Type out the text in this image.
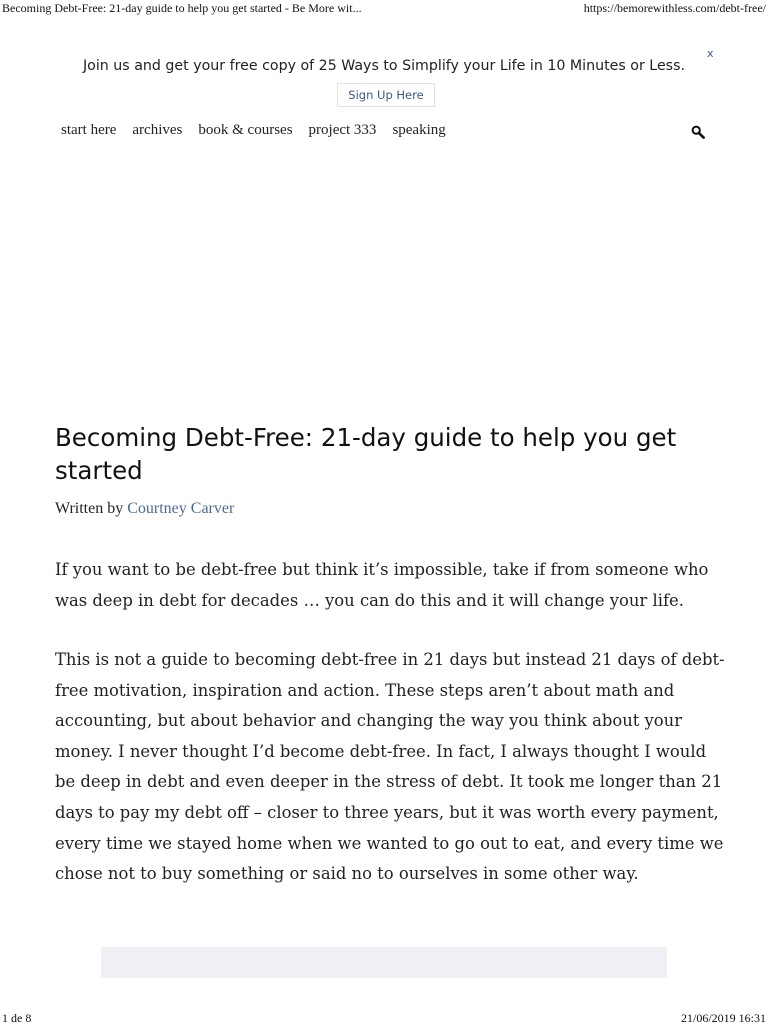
Becoming Debt-Free: 21-day guide to help you get started - Be More wit...	https://bemorewithless.com/debt-free/
Join us and get your free copy of 25 Ways to Simplify your Life in 10 Minutes or Less.
x
Sign Up Here
start here archives book & courses project 333 speaking
Becoming Debt-Free: 21-day guide to help you get started
Written by Courtney Carver

If you want to be debt-free but think it’s impossible, take if from someone who was deep in debt for decades … you can do this and it will change your life.

This is not a guide to becoming debt-free in 21 days but instead 21 days of debt-free motivation, inspiration and action. These steps aren’t about math and accounting, but about behavior and changing the way you think about your money. I never thought I’d become debt-free. In fact, I always thought I would be deep in debt and even deeper in the stress of debt. It took me longer than 21 days to pay my debt off – closer to three years, but it was worth every payment, every time we stayed home when we wanted to go out to eat, and every time we chose not to buy something or said no to ourselves in some other way.

1 de 8	21/06/2019 16:31
